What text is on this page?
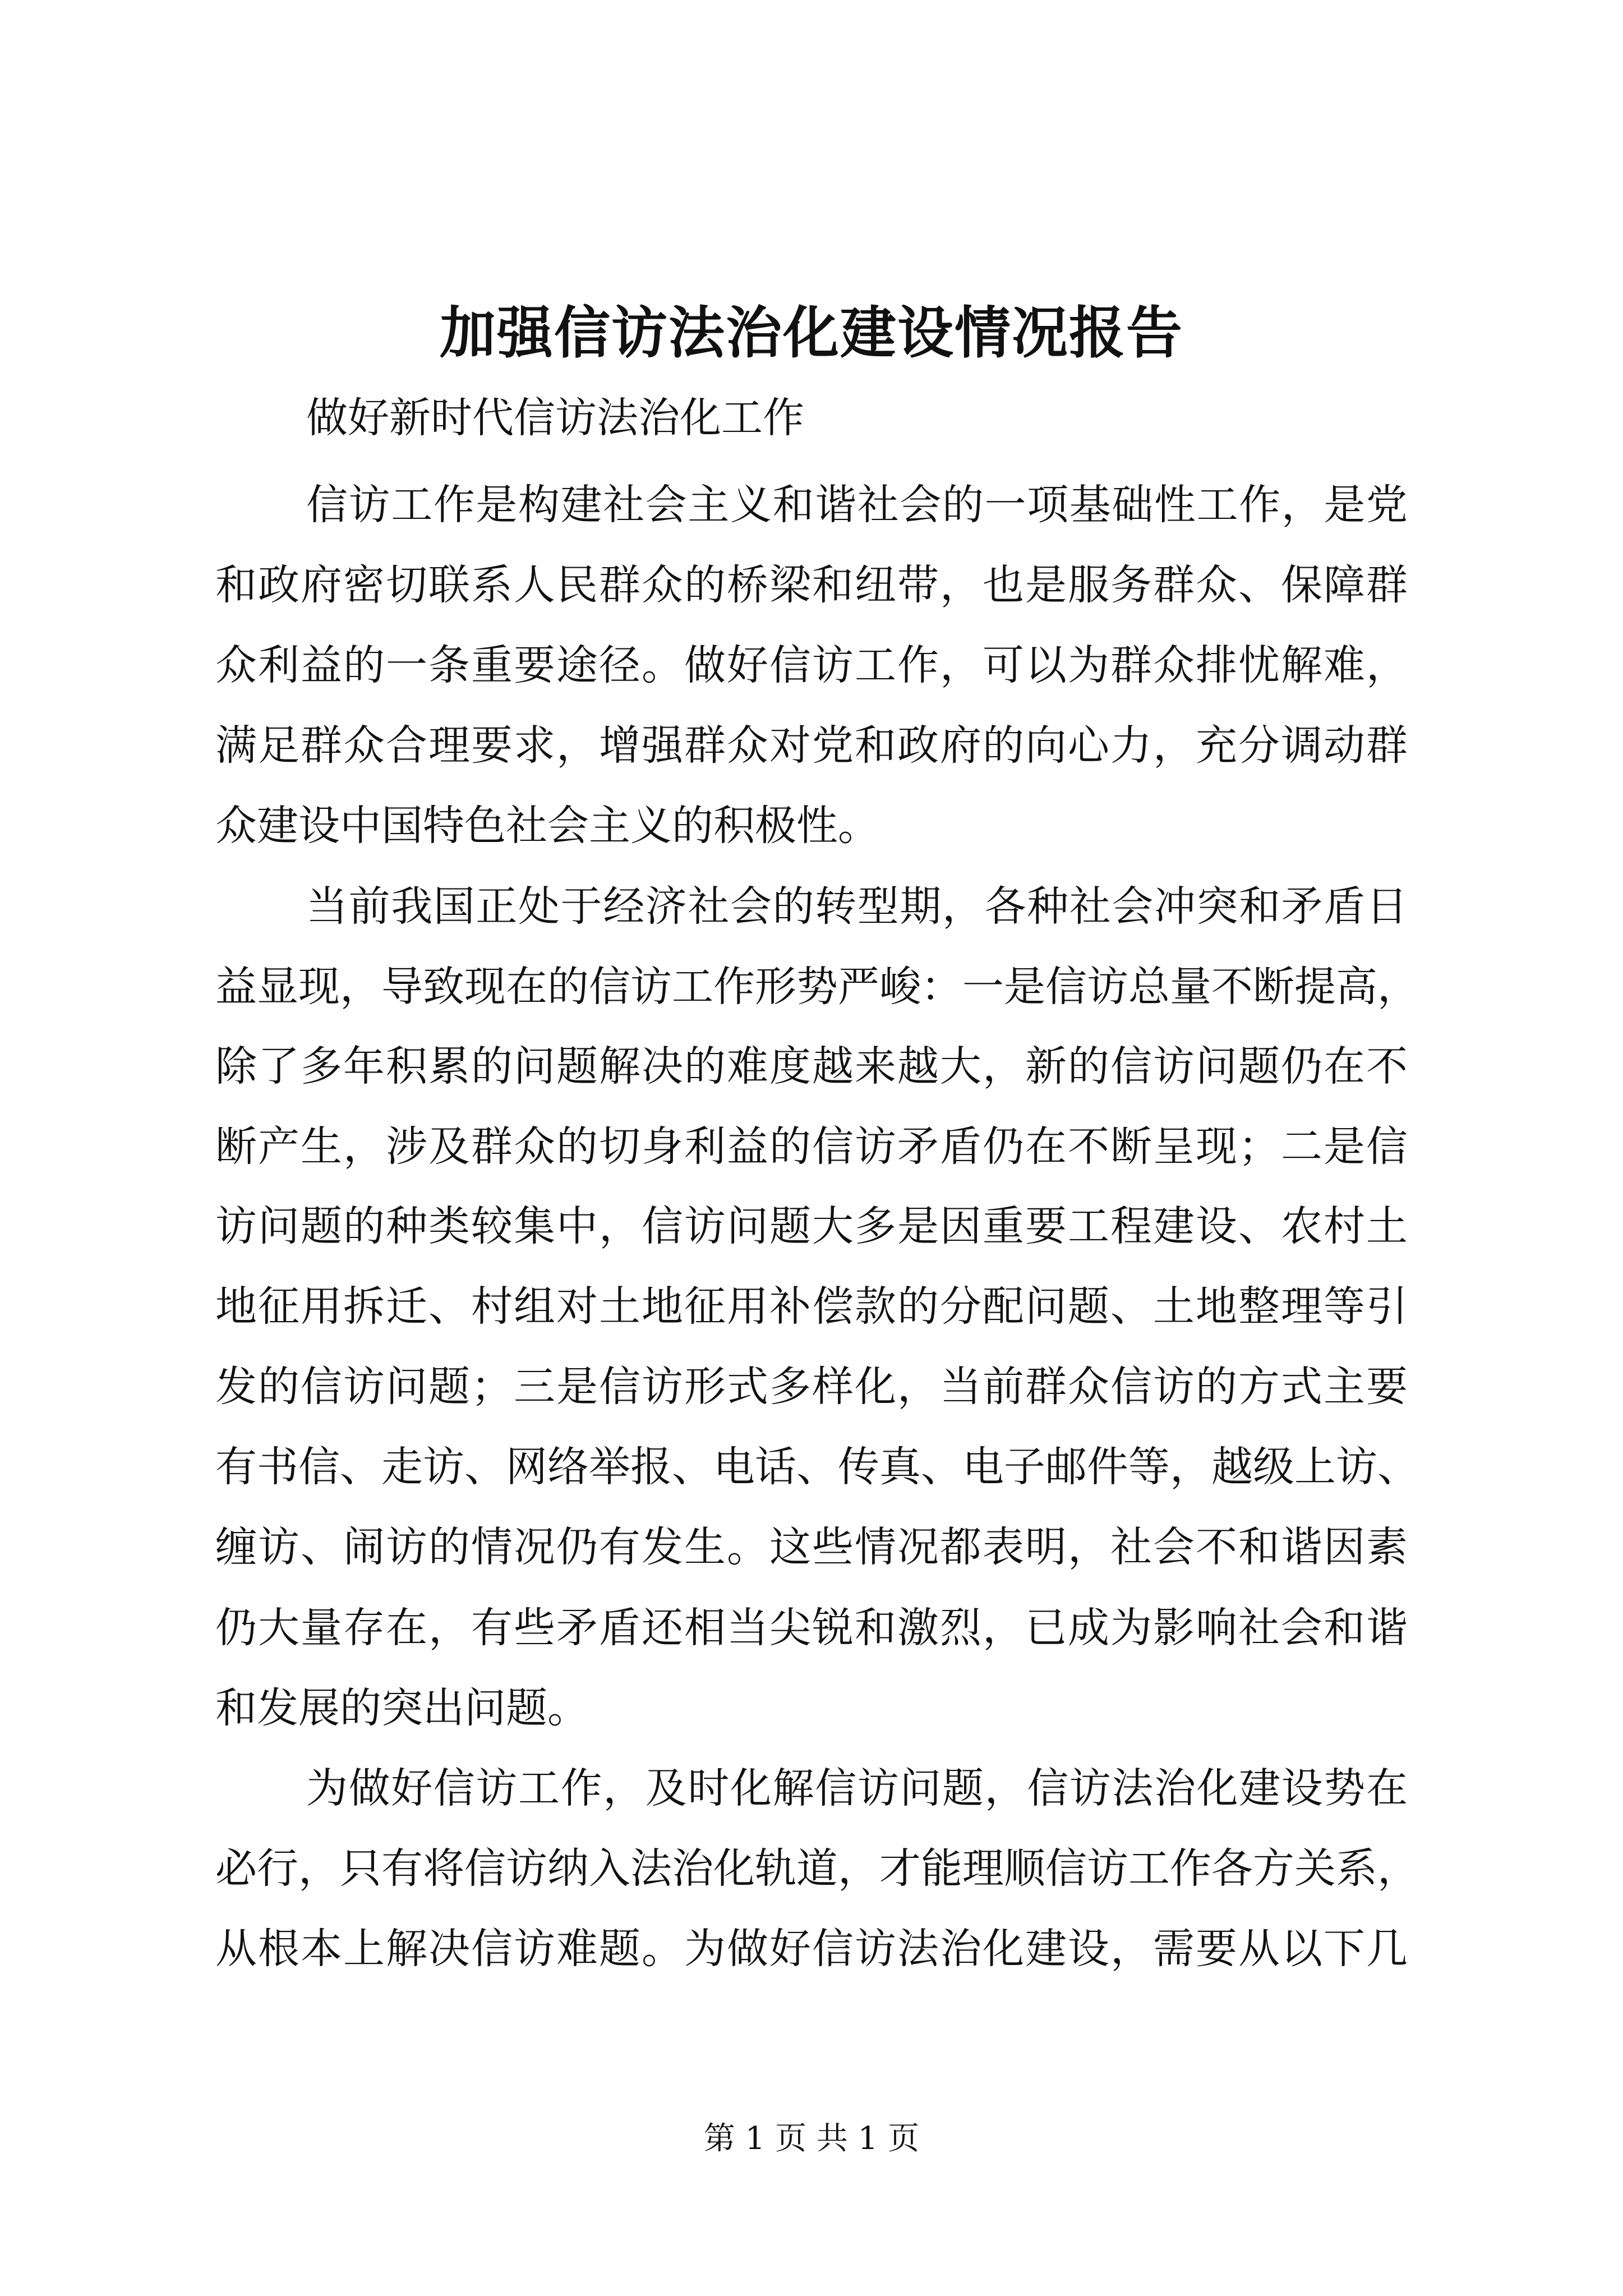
加强信访法治化建设情况报告
做好新时代信访法治化工作
信访工作是构建社会主义和谐社会的一项基础性工作，是党
和政府密切联系人民群众的桥梁和纽带，也是服务群众、保障群
众利益的一条重要途径。做好信访工作，可以为群众排忧解难，
满足群众合理要求，增强群众对党和政府的向心力，充分调动群
众建设中国特色社会主义的积极性。
当前我国正处于经济社会的转型期，各种社会冲突和矛盾日
益显现，导致现在的信访工作形势严峻：一是信访总量不断提高，
除了多年积累的问题解决的难度越来越大，新的信访问题仍在不
断产生，涉及群众的切身利益的信访矛盾仍在不断呈现；二是信
访问题的种类较集中，信访问题大多是因重要工程建设、农村土
地征用拆迁、村组对土地征用补偿款的分配问题、土地整理等引
发的信访问题；三是信访形式多样化，当前群众信访的方式主要
有书信、走访、网络举报、电话、传真、电子邮件等，越级上访、
缠访、闹访的情况仍有发生。这些情况都表明，社会不和谐因素
仍大量存在，有些矛盾还相当尖锐和激烈，已成为影响社会和谐
和发展的突出问题。
为做好信访工作，及时化解信访问题，信访法治化建设势在
必行，只有将信访纳入法治化轨道，才能理顺信访工作各方关系，
从根本上解决信访难题。为做好信访法治化建设，需要从以下几
第 1 页 共 1 页
